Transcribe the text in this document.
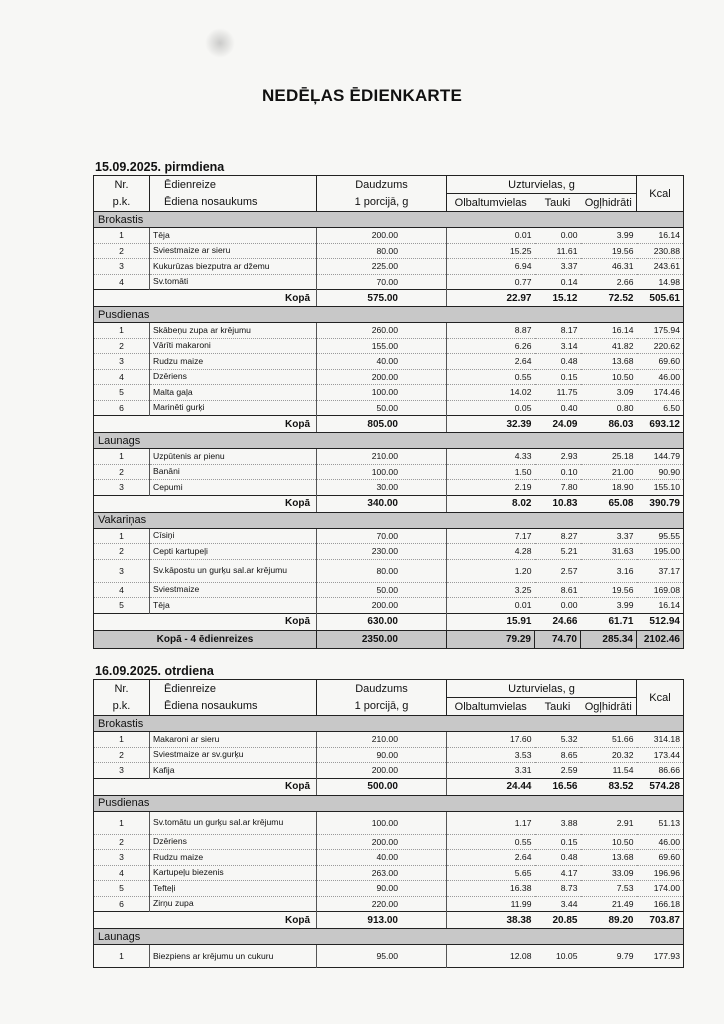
NEDĒĻAS ĒDIENKARTE
15.09.2025. pirmdiena
Nr.	Ēdienreize	Daudzums	Uzturvielas, g			Kcal
p.k.	Ēdiena nosaukums	1 porcijā, g	Olbaltumvielas	Tauki	Ogļhidrāti	
Brokastis						
1	Tēja	200.00	0.01	0.00	3.99	16.14
2	Sviestmaize ar sieru	80.00	15.25	11.61	19.56	230.88
3	Kukurūzas biezputra ar džemu	225.00	6.94	3.37	46.31	243.61
4	Sv.tomāti	70.00	0.77	0.14	2.66	14.98
Kopā		575.00	22.97	15.12	72.52	505.61
Pusdienas						
1	Skābeņu zupa ar krējumu	260.00	8.87	8.17	16.14	175.94
2	Vārīti makaroni	155.00	6.26	3.14	41.82	220.62
3	Rudzu maize	40.00	2.64	0.48	13.68	69.60
4	Dzēriens	200.00	0.55	0.15	10.50	46.00
5	Malta gaļa	100.00	14.02	11.75	3.09	174.46
6	Marinēti gurķi	50.00	0.05	0.40	0.80	6.50
Kopā		805.00	32.39	24.09	86.03	693.12
Launags						
1	Uzpūtenis ar pienu	210.00	4.33	2.93	25.18	144.79
2	Banāni	100.00	1.50	0.10	21.00	90.90
3	Cepumi	30.00	2.19	7.80	18.90	155.10
Kopā		340.00	8.02	10.83	65.08	390.79
Vakariņas						
1	Cīsiņi	70.00	7.17	8.27	3.37	95.55
2	Cepti kartupeļi	230.00	4.28	5.21	31.63	195.00
3	Sv.kāpostu un gurķu sal.ar krējumu	80.00	1.20	2.57	3.16	37.17
4	Sviestmaize	50.00	3.25	8.61	19.56	169.08
5	Tēja	200.00	0.01	0.00	3.99	16.14
Kopā		630.00	15.91	24.66	61.71	512.94
Kopā - 4 ēdienreizes		2350.00	79.29	74.70	285.34	2102.46
16.09.2025. otrdiena
Nr.	Ēdienreize	Daudzums	Uzturvielas, g			Kcal
p.k.	Ēdiena nosaukums	1 porcijā, g	Olbaltumvielas	Tauki	Ogļhidrāti	
Brokastis						
1	Makaroni ar sieru	210.00	17.60	5.32	51.66	314.18
2	Sviestmaize ar sv.gurķu	90.00	3.53	8.65	20.32	173.44
3	Kafija	200.00	3.31	2.59	11.54	86.66
Kopā		500.00	24.44	16.56	83.52	574.28
Pusdienas						
1	Sv.tomātu un gurķu sal.ar krējumu	100.00	1.17	3.88	2.91	51.13
2	Dzēriens	200.00	0.55	0.15	10.50	46.00
3	Rudzu maize	40.00	2.64	0.48	13.68	69.60
4	Kartupeļu biezenis	263.00	5.65	4.17	33.09	196.96
5	Tefteļi	90.00	16.38	8.73	7.53	174.00
6	Zirņu zupa	220.00	11.99	3.44	21.49	166.18
Kopā		913.00	38.38	20.85	89.20	703.87
Launags						
1	Biezpiens ar krējumu un cukuru	95.00	12.08	10.05	9.79	177.93
